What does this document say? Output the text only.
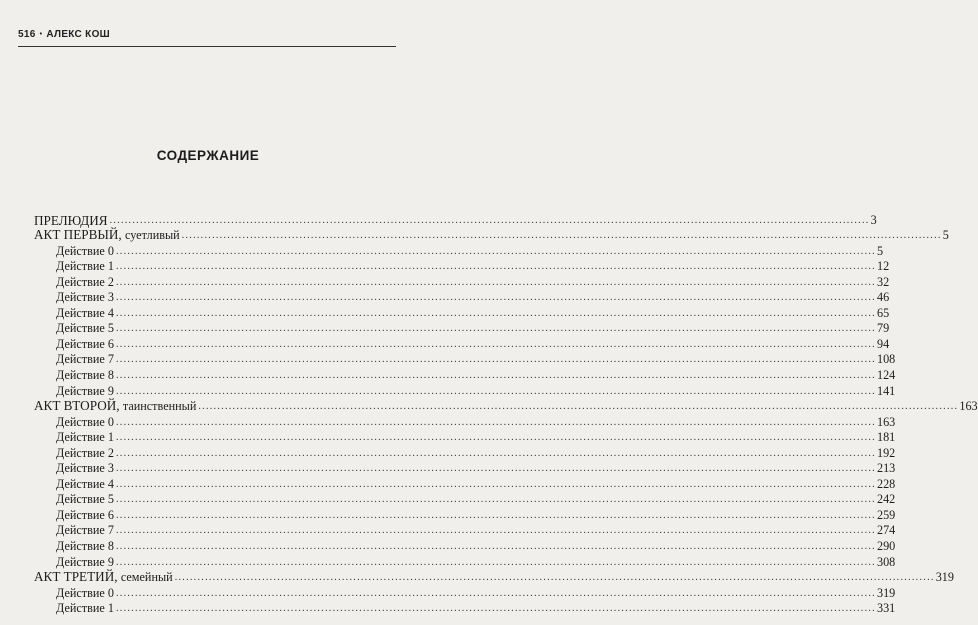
516 • АЛЕКС КОШ
СОДЕРЖАНИЕ
ПРЕЛЮДИЯ ........................................................................................................................................................................................................ 3
АКТ ПЕРВЫЙ, суетливый ........................................................................................................................................................................................................ 5
Действие 0 ........................................................................................................................................................................................................ 5
Действие 1 ........................................................................................................................................................................................................ 12
Действие 2 ........................................................................................................................................................................................................ 32
Действие 3 ........................................................................................................................................................................................................ 46
Действие 4 ........................................................................................................................................................................................................ 65
Действие 5 ........................................................................................................................................................................................................ 79
Действие 6 ........................................................................................................................................................................................................ 94
Действие 7 ........................................................................................................................................................................................................ 108
Действие 8 ........................................................................................................................................................................................................ 124
Действие 9 ........................................................................................................................................................................................................ 141
АКТ ВТОРОЙ, таинственный ........................................................................................................................................................................................................ 163
Действие 0 ........................................................................................................................................................................................................ 163
Действие 1 ........................................................................................................................................................................................................ 181
Действие 2 ........................................................................................................................................................................................................ 192
Действие 3 ........................................................................................................................................................................................................ 213
Действие 4 ........................................................................................................................................................................................................ 228
Действие 5 ........................................................................................................................................................................................................ 242
Действие 6 ........................................................................................................................................................................................................ 259
Действие 7 ........................................................................................................................................................................................................ 274
Действие 8 ........................................................................................................................................................................................................ 290
Действие 9 ........................................................................................................................................................................................................ 308
АКТ ТРЕТИЙ, семейный ........................................................................................................................................................................................................ 319
Действие 0 ........................................................................................................................................................................................................ 319
Действие 1 ........................................................................................................................................................................................................ 331
